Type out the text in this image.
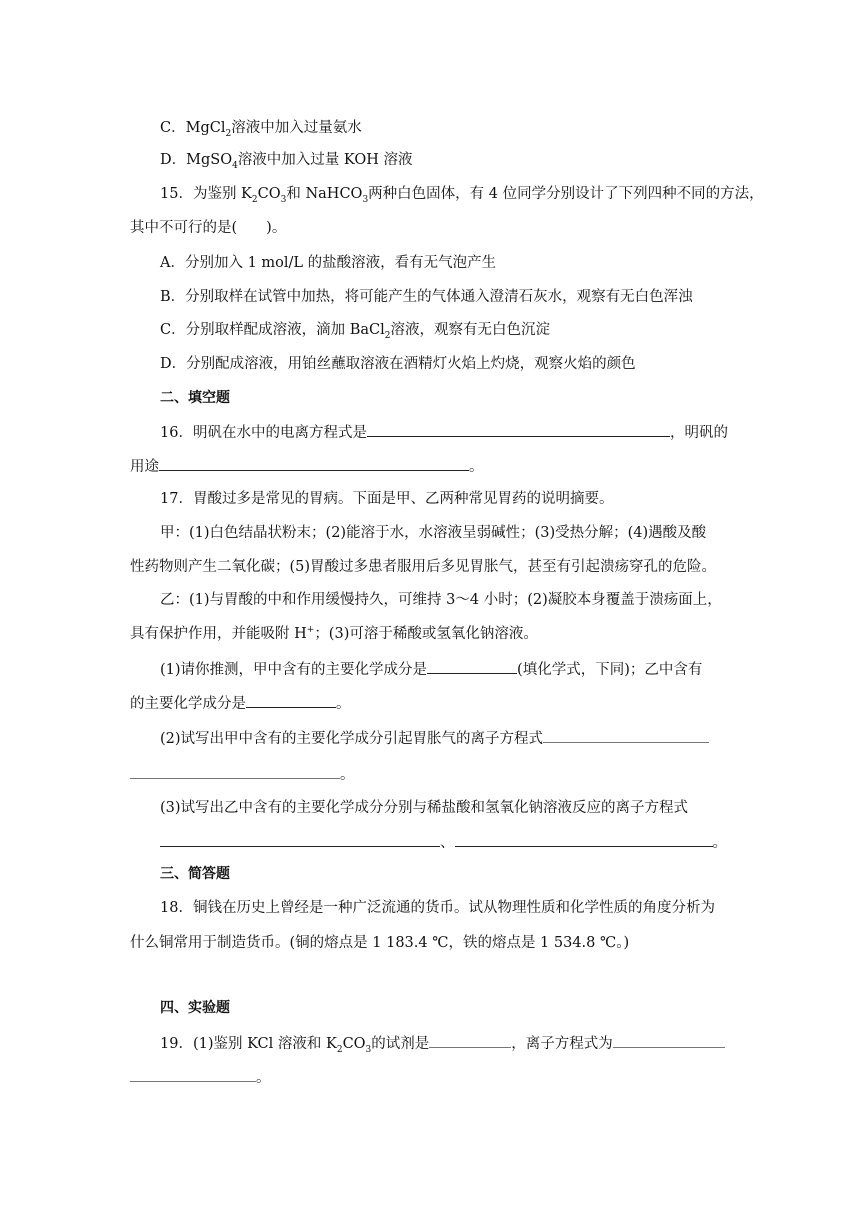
C．MgCl$_2$溶液中加入过量氨水
D．MgSO$_4$溶液中加入过量 KOH 溶液
15．为鉴别 $K_2CO_3$和 NaHCO$_3$两种白色固体，有 4 位同学分别设计了下列四种不同的方法，
其中不可行的是(　　)。
A．分别加入 1 mol/L 的盐酸溶液，看有无气泡产生
B．分别取样在试管中加热，将可能产生的气体通入澄清石灰水，观察有无白色浑浊
C．分别取样配成溶液，滴加 BaCl$_2$溶液，观察有无白色沉淀
D．分别配成溶液，用铂丝蘸取溶液在酒精灯火焰上灼烧，观察火焰的颜色
二、填空题
16．明矾在水中的电离方程式是	，明矾的
用途	。
17．胃酸过多是常见的胃病。下面是甲、乙两种常见胃药的说明摘要。
甲：(1)白色结晶状粉末；(2)能溶于水，水溶液呈弱碱性；(3)受热分解；(4)遇酸及酸
性药物则产生二氧化碳；(5)胃酸过多患者服用后多见胃胀气，甚至有引起溃疡穿孔的危险。
乙：(1)与胃酸的中和作用缓慢持久，可维持 3～4 小时；(2)凝胶本身覆盖于溃疡面上，
具有保护作用，并能吸附 H+；(3)可溶于稀酸或氢氧化钠溶液。
(1)请你推测，甲中含有的主要化学成分是	(填化学式，下同)；乙中含有
的主要化学成分是	。
(2)试写出甲中含有的主要化学成分引起胃胀气的离子方程式
。
(3)试写出乙中含有的主要化学成分分别与稀盐酸和氢氧化钠溶液反应的离子方程式
、	。
三、简答题
18．铜钱在历史上曾经是一种广泛流通的货币。试从物理性质和化学性质的角度分析为
什么铜常用于制造货币。(铜的熔点是 1 183.4 ℃，铁的熔点是 1 534.8 ℃。)
四、实验题
19．(1)鉴别 KCl 溶液和 $K_2CO_3$的试剂是	，离子方程式为
。
